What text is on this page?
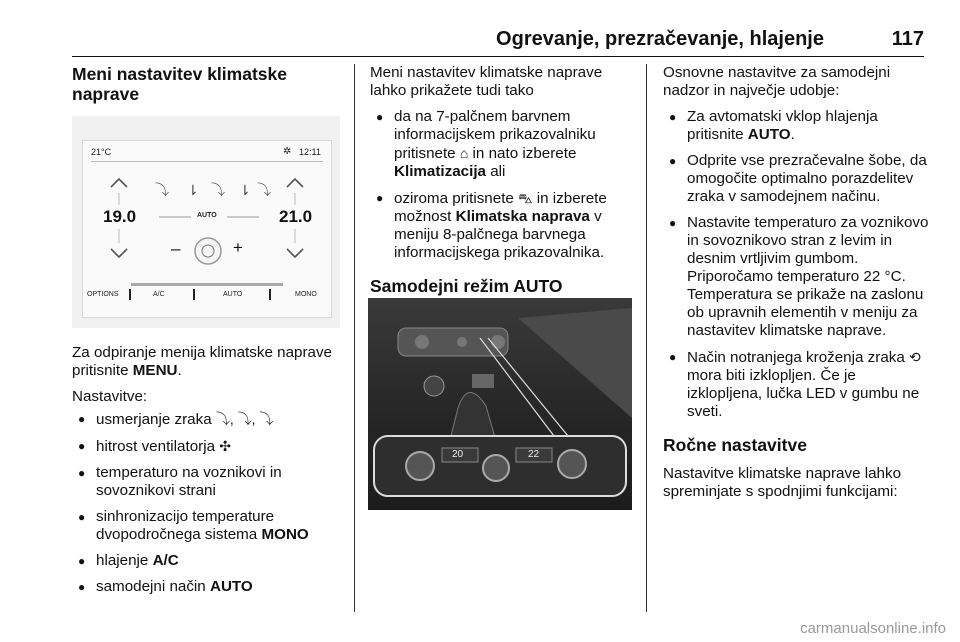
Ogrevanje, prezračevanje, hlajenje	117
Meni nastavitev klimatske naprave
21°C	✲ 12:11
⤵ ⇂ ⤵ ⇂ ⤵
19.0	21.0
AUTO
–	+
OPTIONS	A/C	AUTO	MONO

Za odpiranje menija klimatske naprave pritisnite MENU.

Nastavitve:

● usmerjanje zraka ⤵, ⤵, ⤵
● hitrost ventilatorja ✣
● temperaturo na voznikovi in sovoznikovi strani
● sinhronizacijo temperature dvopodročnega sistema MONO
● hlajenje A/C
● samodejni način AUTO

Meni nastavitev klimatske naprave lahko prikažete tudi tako

● da na 7-palčnem barvnem informacijskem prikazovalniku pritisnete ⌂ in nato izberete Klimatizacija ali
● oziroma pritisnete ⛍ in izberete možnost Klimatska naprava v meniju 8-palčnega barvnega informacijskega prikazovalnika.
Samodejni režim AUTO
20	22

Osnovne nastavitve za samodejni nadzor in največje udobje:

● Za avtomatski vklop hlajenja pritisnite AUTO.
● Odprite vse prezračevalne šobe, da omogočite optimalno porazdelitev zraka v samodejnem načinu.
● Nastavite temperaturo za voznikovo in sovoznikovo stran z levim in desnim vrtljivim gumbom. Priporočamo temperaturo 22 °C. Temperatura se prikaže na zaslonu ob upravnih elementih v meniju za nastavitev klimatske naprave.
● Način notranjega kroženja zraka ⟲ mora biti izklopljen. Če je izklopljena, lučka LED v gumbu ne sveti.
Ročne nastavitve

Nastavitve klimatske naprave lahko spreminjate s spodnjimi funkcijami:

carmanualsonline.info
